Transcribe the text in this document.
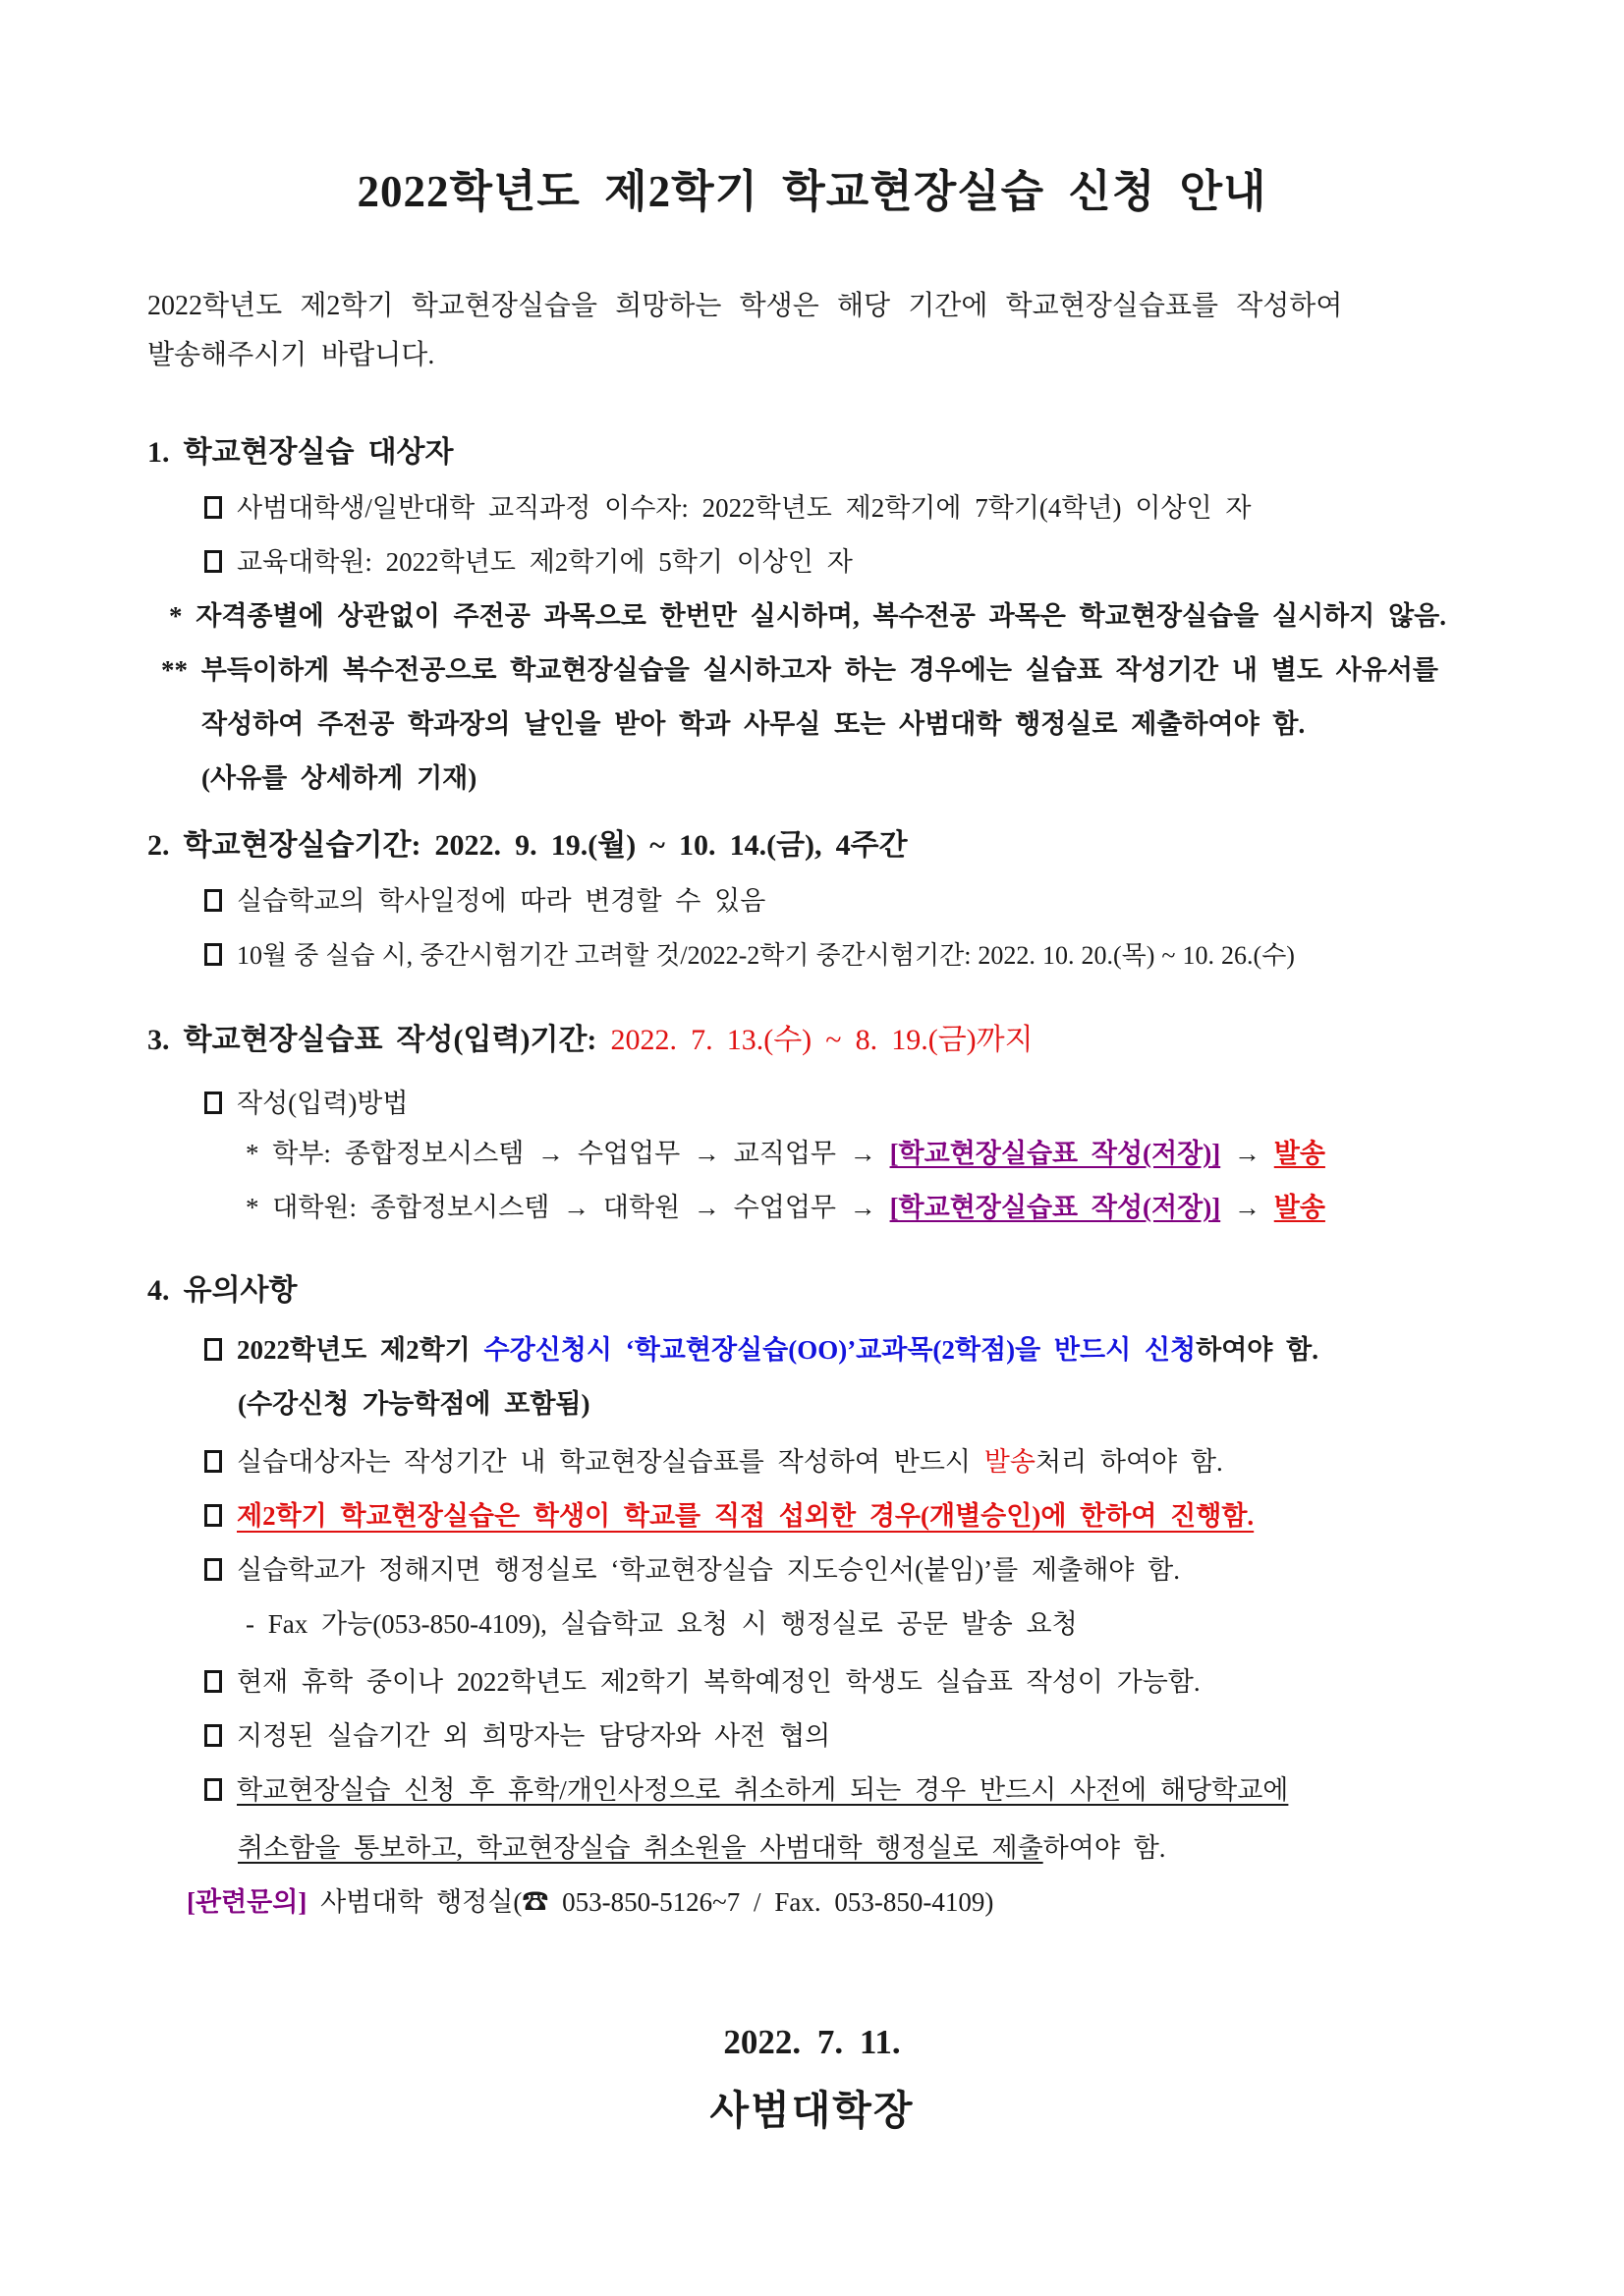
2022학년도 제2학기 학교현장실습 신청 안내
2022학년도 제2학기 학교현장실습을 희망하는 학생은 해당 기간에 학교현장실습표를 작성하여
발송해주시기 바랍니다.
1. 학교현장실습 대상자
사범대학생/일반대학 교직과정 이수자: 2022학년도 제2학기에 7학기(4학년) 이상인 자
교육대학원: 2022학년도 제2학기에 5학기 이상인 자
* 자격종별에 상관없이 주전공 과목으로 한번만 실시하며, 복수전공 과목은 학교현장실습을 실시하지 않음.
** 부득이하게 복수전공으로 학교현장실습을 실시하고자 하는 경우에는 실습표 작성기간 내 별도 사유서를
작성하여 주전공 학과장의 날인을 받아 학과 사무실 또는 사범대학 행정실로 제출하여야 함.
(사유를 상세하게 기재)
2. 학교현장실습기간: 2022. 9. 19.(월) ~ 10. 14.(금), 4주간
실습학교의 학사일정에 따라 변경할 수 있음
10월 중 실습 시, 중간시험기간 고려할 것/2022-2학기 중간시험기간: 2022. 10. 20.(목) ~ 10. 26.(수)
3. 학교현장실습표 작성(입력)기간: 2022. 7. 13.(수) ~ 8. 19.(금)까지
작성(입력)방법
* 학부: 종합정보시스템 → 수업업무 → 교직업무 → [학교현장실습표 작성(저장)] → 발송
* 대학원: 종합정보시스템 → 대학원 → 수업업무 → [학교현장실습표 작성(저장)] → 발송
4. 유의사항
2022학년도 제2학기 수강신청시 ‘학교현장실습(OO)’교과목(2학점)을 반드시 신청하여야 함.
(수강신청 가능학점에 포함됨)
실습대상자는 작성기간 내 학교현장실습표를 작성하여 반드시 발송처리 하여야 함.
제2학기 학교현장실습은 학생이 학교를 직접 섭외한 경우(개별승인)에 한하여 진행함.
실습학교가 정해지면 행정실로 ‘학교현장실습 지도승인서(붙임)’를 제출해야 함.
- Fax 가능(053-850-4109), 실습학교 요청 시 행정실로 공문 발송 요청
현재 휴학 중이나 2022학년도 제2학기 복학예정인 학생도 실습표 작성이 가능함.
지정된 실습기간 외 희망자는 담당자와 사전 협의
학교현장실습 신청 후 휴학/개인사정으로 취소하게 되는 경우 반드시 사전에 해당학교에
취소함을 통보하고, 학교현장실습 취소원을 사범대학 행정실로 제출하여야 함.
[관련문의] 사범대학 행정실(☎ 053-850-5126~7 / Fax. 053-850-4109)
2022. 7. 11.
사범대학장
